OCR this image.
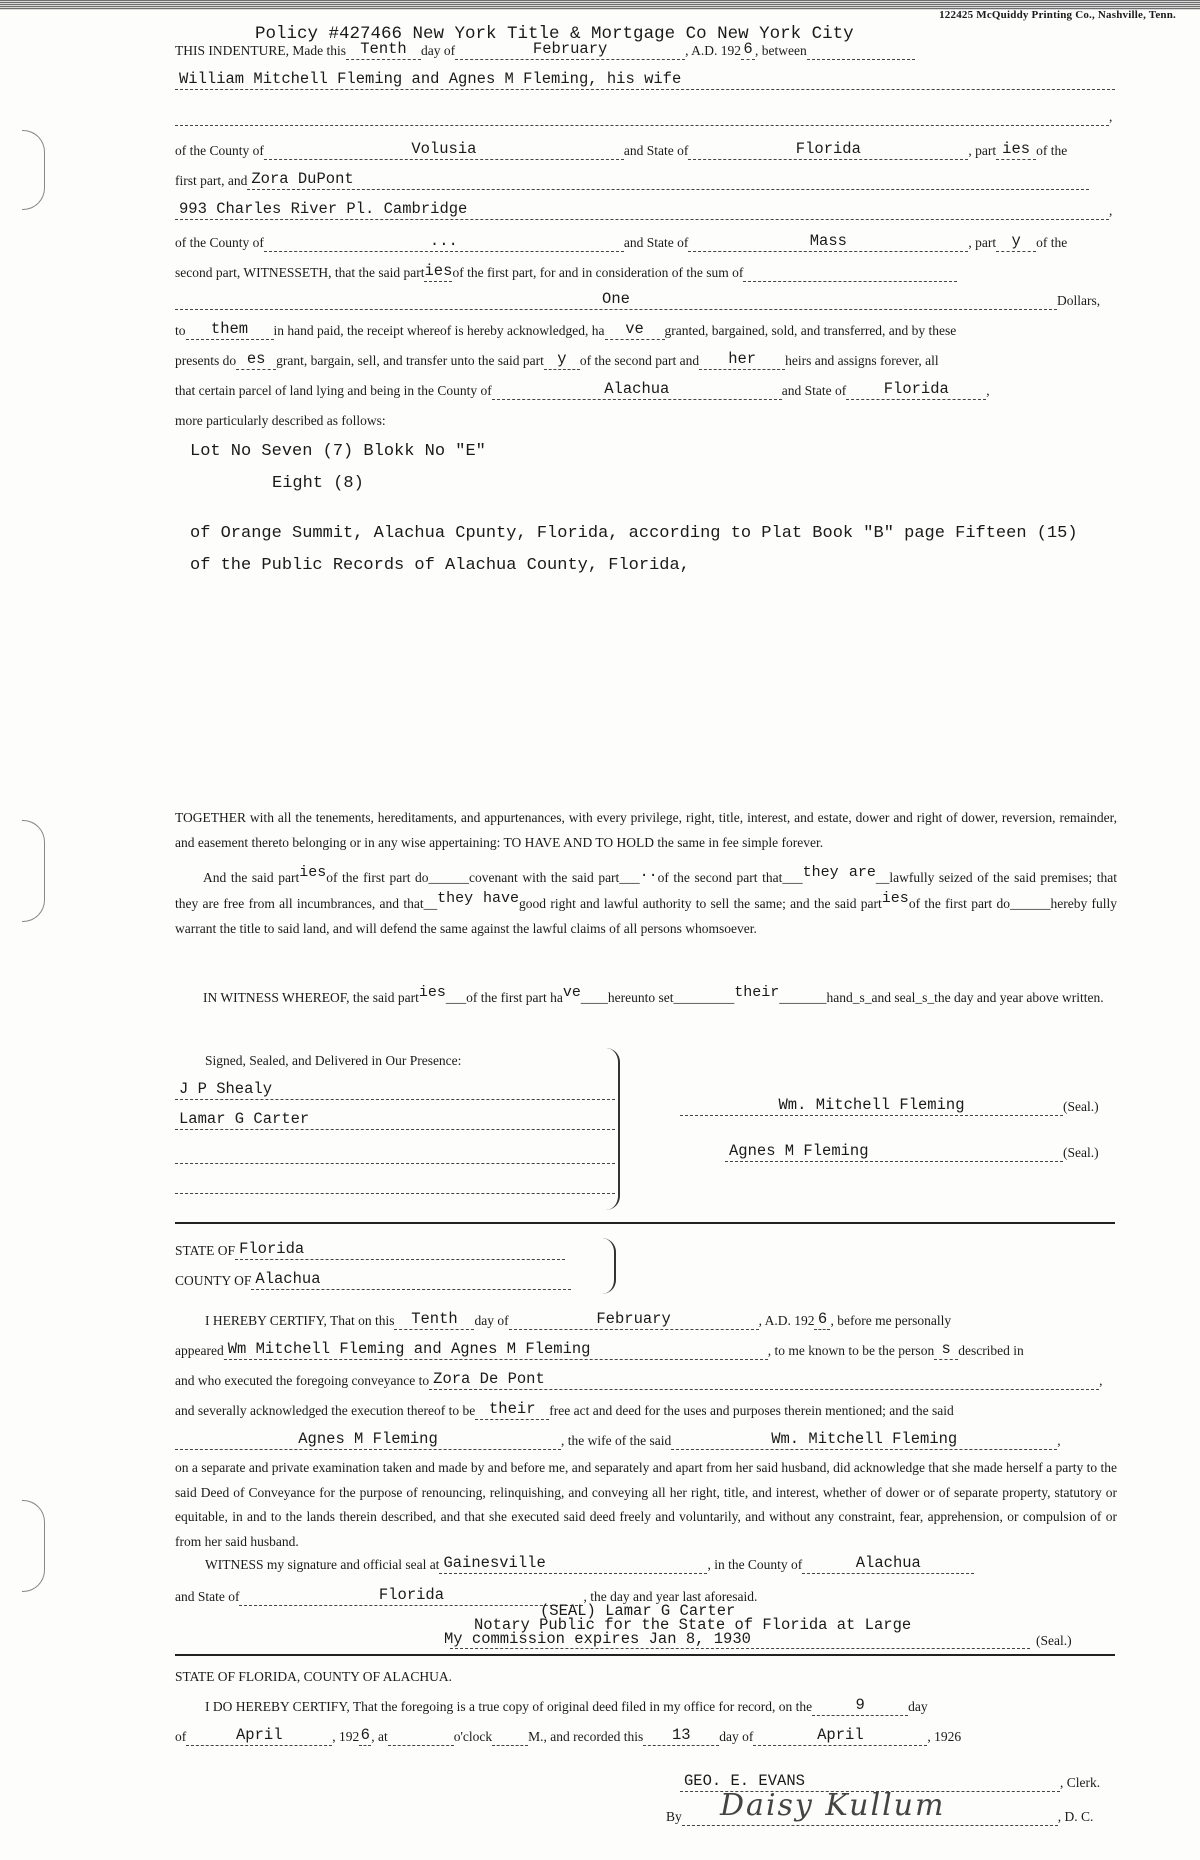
122425 McQuiddy Printing Co., Nashville, Tenn.
Policy #427466 New York Title & Mortgage Co New York City
THIS INDENTURE, Made this Tenth	day of	February	, A.D. 192 6 , between
William Mitchell Fleming and Agnes M Fleming, his wife
,
of the County of	Volusia	and State of	Florida	, part ies of the
first part, and Zora DuPont
993 Charles River Pl. Cambridge	,
of the County of	...	and State of	Mass	, part y	of the
second part, WITNESSETH, that the said part ies of the first part, for and in consideration of the sum of
One	Dollars,
to	them	in hand paid, the receipt whereof is hereby acknowledged, ha	ve	granted, bargained, sold, and transferred, and by these
presents do es grant, bargain, sell, and transfer unto the said part y of the second part and	her	heirs and assigns forever, all
that certain parcel of land lying and being in the County of	Alachua	and State of	Florida	,
more particularly described as follows:
Lot No Seven (7) Blokk No "E"
Eight (8)
of Orange Summit, Alachua Cpunty, Florida, according to Plat Book "B" page Fifteen (15)
of the Public Records of Alachua County, Florida,
TOGETHER with all the tenements, hereditaments, and appurtenances, with every privilege, right, title, interest, and estate, dower and right of dower, reversion, remainder, and easement thereto belonging or in any wise appertaining: TO HAVE AND TO HOLD the same in fee simple forever.
And the said partiesof the first part do______covenant with the said part___..of the second part that___they are__lawfully seized of the said premises; that they are free from all incumbrances, and that__they havegood right and lawful authority to sell the same; and the said partiesof the first part do______hereby fully warrant the title to said land, and will defend the same against the lawful claims of all persons whomsoever.
IN WITNESS WHEREOF, the said parties___of the first part have____hereunto set_________their_______hand_s_and seal_s_the day and year above written.
Signed, Sealed, and Delivered in Our Presence:
J P Shealy
Lamar G Carter
Wm. Mitchell Fleming	(Seal.)
Agnes M Fleming	(Seal.)
STATE OF Florida
COUNTY OF Alachua
I HEREBY CERTIFY, That on this	Tenth	day of	February	, A.D. 192 6 , before me personally
appeared Wm Mitchell Fleming and Agnes M Fleming	, to me known to be the person s described in
and who executed the foregoing conveyance to Zora De Pont	,
and severally acknowledged the execution thereof to be their	free act and deed for the uses and purposes therein mentioned; and the said
Agnes M Fleming	, the wife of the said	Wm. Mitchell Fleming	,
on a separate and private examination taken and made by and before me, and separately and apart from her said husband, did acknowledge that she made herself a party to the said Deed of Conveyance for the purpose of renouncing, relinquishing, and conveying all her right, title, and interest, whether of dower or of separate property, statutory or equitable, in and to the lands therein described, and that she executed said deed freely and voluntarily, and without any constraint, fear, apprehension, or compulsion of or from her said husband.
WITNESS my signature and official seal at Gainesville	, in the County of	Alachua
and State of	Florida	, the day and year last aforesaid.
(SEAL) Lamar G Carter
Notary Public for the State of Florida at Large
My commission expires Jan 8, 1930	(Seal.)
STATE OF FLORIDA, COUNTY OF ALACHUA.
I DO HEREBY CERTIFY, That the foregoing is a true copy of original deed filed in my office for record, on the	9	day
of	April	, 192 6 , at	o'clock	M., and recorded this	13	day of	April	, 1926
GEO. E. EVANS	, Clerk.
By	, D. C.
Daisy Kullum
